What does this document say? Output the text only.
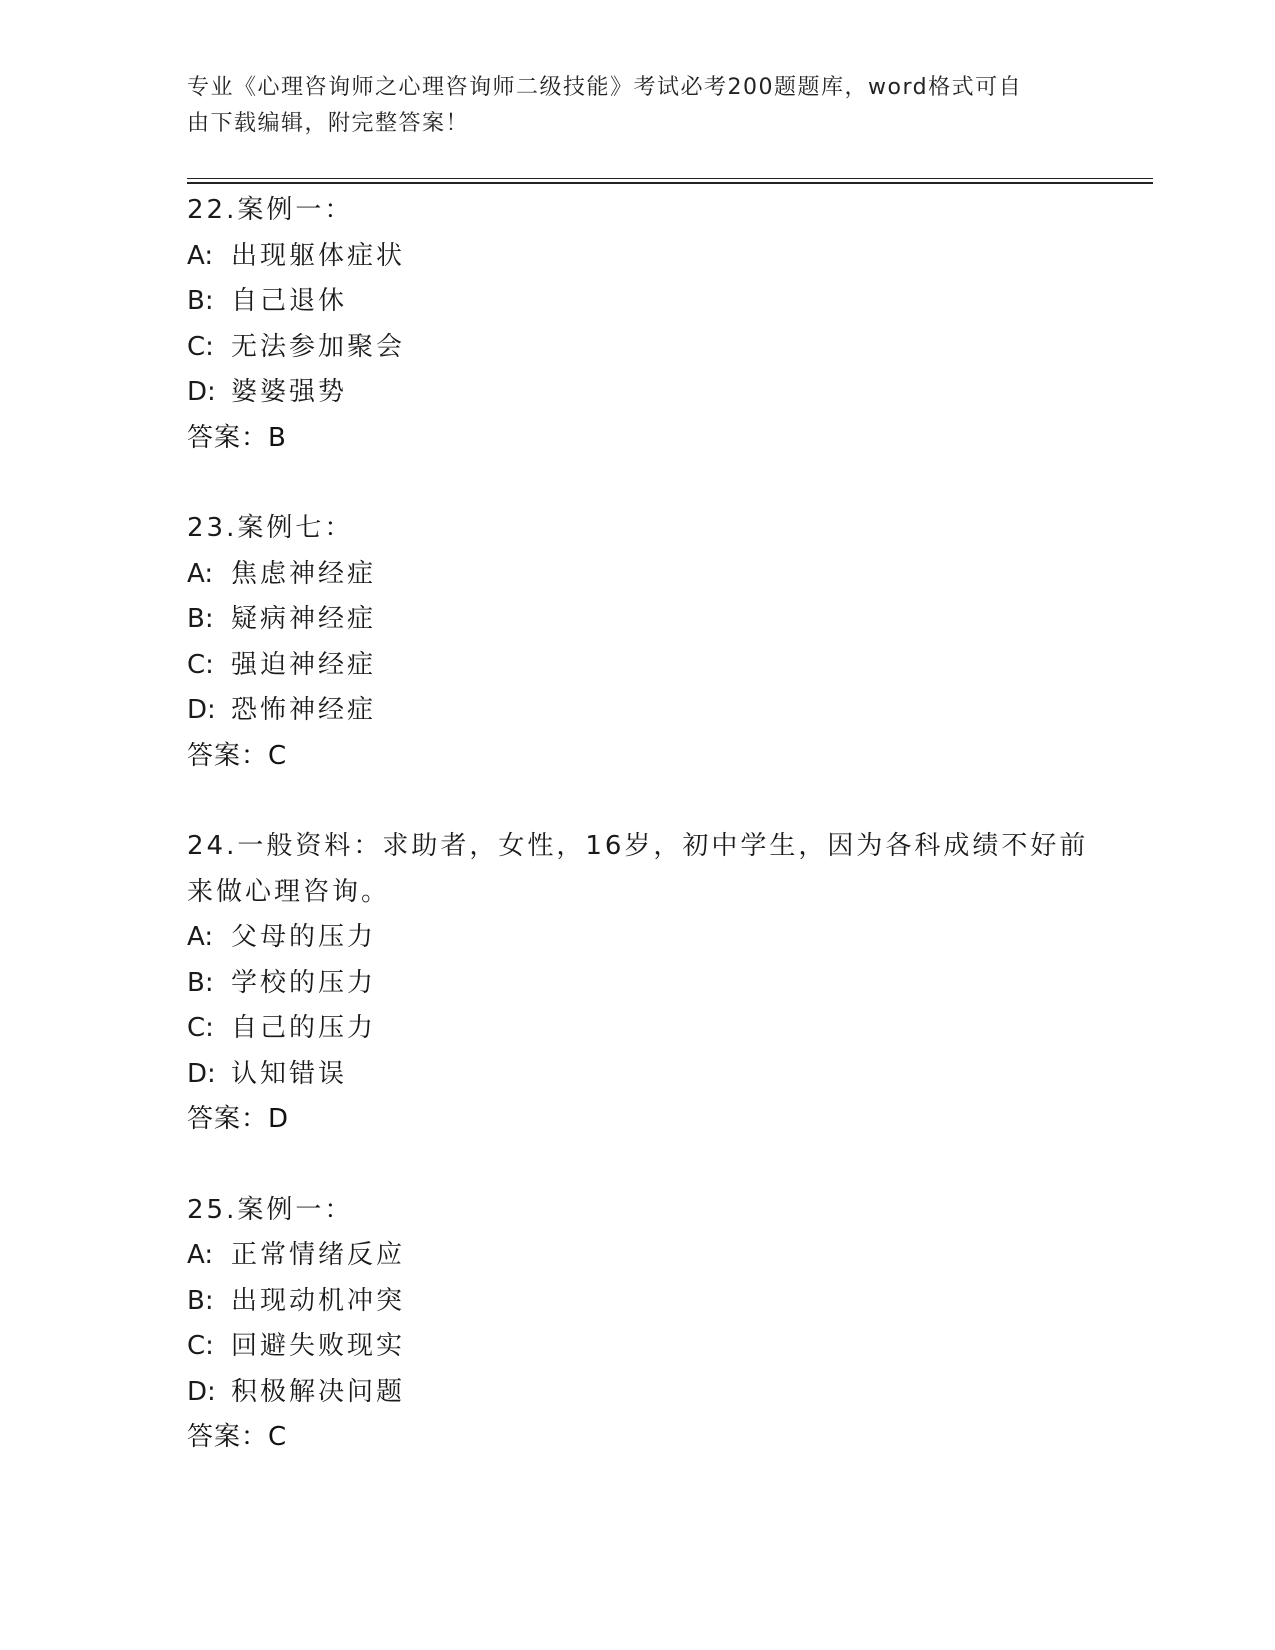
专业《心理咨询师之心理咨询师二级技能》考试必考200题题库，word格式可自
由下载编辑，附完整答案！
22.案例一：
A: 出现躯体症状
B: 自己退休
C: 无法参加聚会
D: 婆婆强势
答案：B
23.案例七：
A: 焦虑神经症
B: 疑病神经症
C: 强迫神经症
D: 恐怖神经症
答案：C
24.一般资料：求助者，女性，16岁，初中学生，因为各科成绩不好前
来做心理咨询。
A: 父母的压力
B: 学校的压力
C: 自己的压力
D: 认知错误
答案：D
25.案例一：
A: 正常情绪反应
B: 出现动机冲突
C: 回避失败现实
D: 积极解决问题
答案：C
